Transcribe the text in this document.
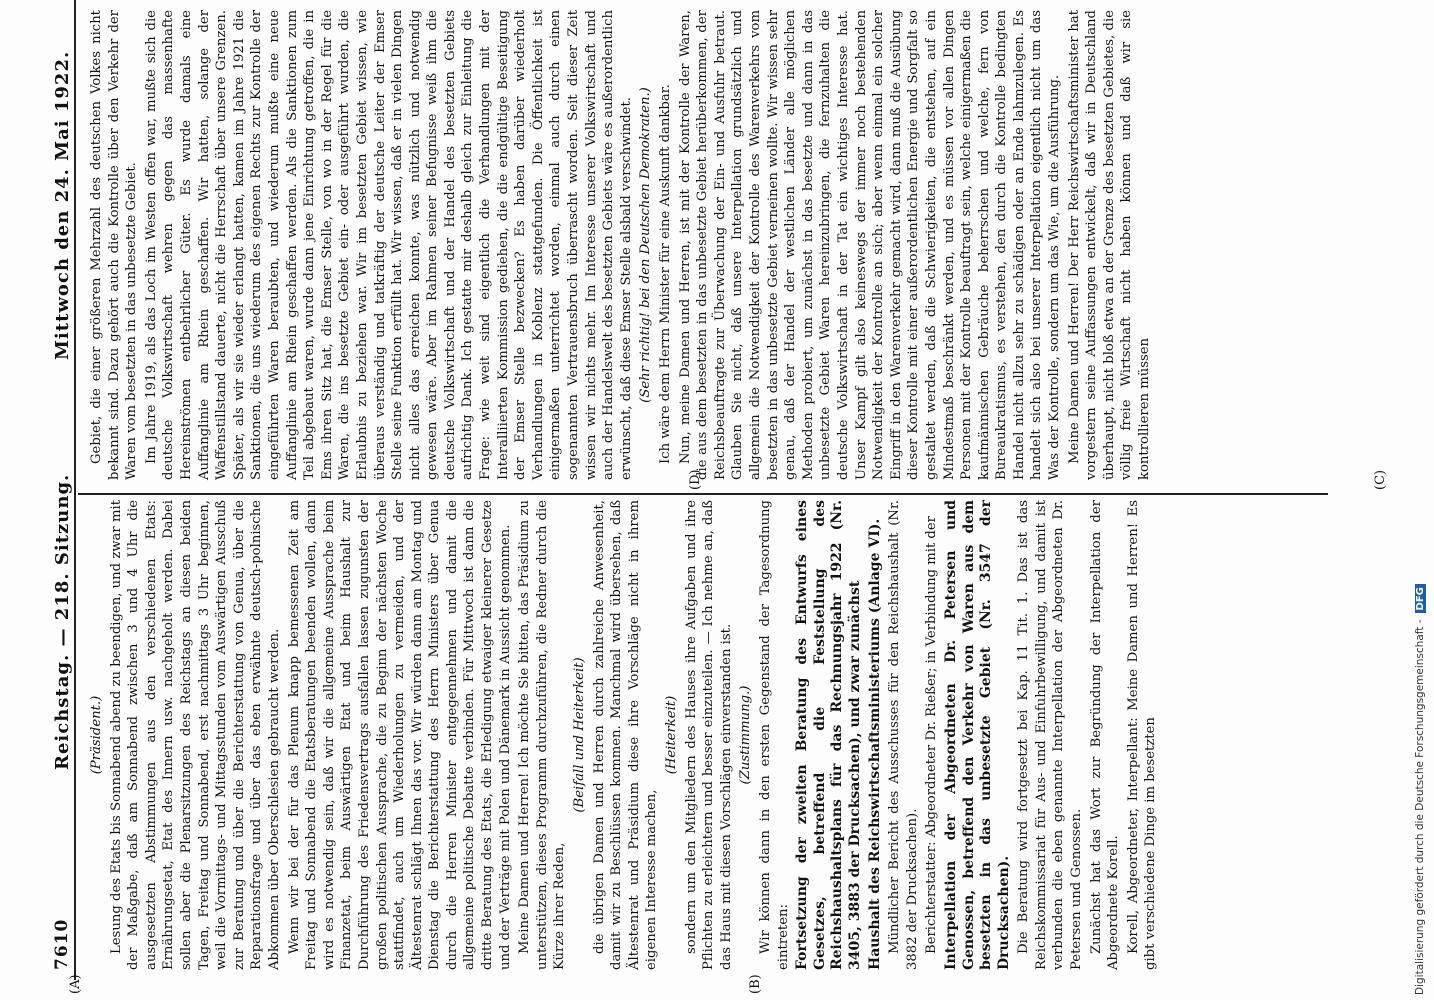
7610
Reichstag. — 218. Sitzung.
Mittwoch den 24. Mai 1922.
(A)	(B)
(C)
(D)

(Präsident.) Lesung des Etats bis Sonnabend abend zu beendigen, und zwar mit der Maßgabe, daß am Sonnabend zwischen 3 und 4 Uhr die ausgesetzten Abstimmungen aus den verschiedenen Etats: Ernährungsetat, Etat des Innern usw. nachgeholt werden. Dabei sollen aber die Plenarsitzungen des Reichstags an diesen beiden Tagen, Freitag und Sonnabend, erst nachmittags 3 Uhr beginnen, weil die Vormittags- und Mittagsstunden vom Auswärtigen Ausschuß zur Beratung und über die Berichterstattung von Genua, über die Reparationsfrage und über das eben erwähnte deutsch-polnische Abkommen über Oberschlesien gebraucht werden. Wenn wir bei der für das Plenum knapp bemessenen Zeit am Freitag und Sonnabend die Etatsberatungen beenden wollen, dann wird es notwendig sein, daß wir die allgemeine Aussprache beim Finanzetat, beim Auswärtigen Etat und beim Haushalt zur Durchführung des Friedensvertrags ausfallen lassen zugunsten der großen politischen Aussprache, die zu Beginn der nächsten Woche stattfindet, auch um Wiederholungen zu vermeiden, und der Ältestenrat schlägt Ihnen das vor. Wir würden dann am Montag und Dienstag die Berichterstattung des Herrn Ministers über Genua durch die Herren Minister entgegennehmen und damit die allgemeine politische Debatte verbinden. Für Mittwoch ist dann die dritte Beratung des Etats, die Erledigung etwaiger kleinerer Gesetze und der Verträge mit Polen und Dänemark in Aussicht genommen. Meine Damen und Herren! Ich möchte Sie bitten, das Präsidium zu unterstützen, dieses Programm durchzuführen, die Redner durch die Kürze ihrer Reden,

(Beifall und Heiterkeit) die übrigen Damen und Herren durch zahlreiche Anwesenheit, damit wir zu Beschlüssen kommen. Manchmal wird übersehen, daß Ältestenrat und Präsidium diese ihre Vorschläge nicht in ihrem eigenen Interesse machen,

(Heiterkeit) sondern um den Mitgliedern des Hauses ihre Aufgaben und ihre Pflichten zu erleichtern und besser einzuteilen. — Ich nehme an, daß das Haus mit diesen Vorschlägen einverstanden ist. (Zustimmung.) Wir können dann in den ersten Gegenstand der Tagesordnung eintreten: Fortsetzung der zweiten Beratung des Entwurfs eines Gesetzes, betreffend die Feststellung des Reichshaushaltsplans für das Rechnungsjahr 1922 (Nr. 3405, 3883 der Drucksachen), und zwar zunächst Haushalt des Reichswirtschaftsministeriums (Anlage VI). Mündlicher Bericht des Ausschusses für den Reichshaushalt (Nr. 3882 der Drucksachen). Berichterstatter: Abgeordneter Dr. Rießer; in Verbindung mit der Interpellation der Abgeordneten Dr. Petersen und Genossen, betreffend den Verkehr von Waren aus dem besetzten in das unbesetzte Gebiet (Nr. 3547 der Drucksachen). Die Beratung wird fortgesetzt bei Kap. 11 Tit. 1. Das ist das Reichskommissariat für Aus- und Einfuhrbewilligung, und damit ist verbunden die eben genannte Interpellation der Abgeordneten Dr. Petersen und Genossen. Zunächst hat das Wort zur Begründung der Interpellation der Abgeordnete Korell. Korell, Abgeordneter, Interpellant: Meine Damen und Herren! Es gibt verschiedene Dinge im besetzten

Gebiet, die einer größeren Mehrzahl des deutschen Volkes nicht bekannt sind. Dazu gehört auch die Kontrolle über den Verkehr der Waren vom besetzten in das unbesetzte Gebiet. Im Jahre 1919, als das Loch im Westen offen war, mußte sich die deutsche Volkswirtschaft wehren gegen das massenhafte Hereinströmen entbehrlicher Güter. Es wurde damals eine Auffanglinie am Rhein geschaffen. Wir hatten, solange der Waffenstillstand dauerte, nicht die Herrschaft über unsere Grenzen. Später, als wir sie wieder erlangt hatten, kamen im Jahre 1921 die Sanktionen, die uns wiederum des eigenen Rechts zur Kontrolle der eingeführten Waren beraubten, und wiederum mußte eine neue Auffanglinie am Rhein geschaffen werden. Als die Sanktionen zum Teil abgebaut waren, wurde dann jene Einrichtung getroffen, die in Ems ihren Sitz hat, die Emser Stelle, von wo in der Regel für die Waren, die ins besetzte Gebiet ein- oder ausgeführt wurden, die Erlaubnis zu beziehen war. Wir im besetzten Gebiet wissen, wie überaus verständig und tatkräftig der deutsche Leiter der Emser Stelle seine Funktion erfüllt hat. Wir wissen, daß er in vielen Dingen nicht alles das erreichen konnte, was nützlich und notwendig gewesen wäre. Aber im Rahmen seiner Befugnisse weiß ihm die deutsche Volkswirtschaft und der Handel des besetzten Gebiets aufrichtig Dank. Ich gestatte mir deshalb gleich zur Einleitung die Frage: wie weit sind eigentlich die Verhandlungen mit der Interalliierten Kommission gediehen, die die endgültige Beseitigung der Emser Stelle bezwecken? Es haben darüber wiederholt Verhandlungen in Koblenz stattgefunden. Die Öffentlichkeit ist einigermaßen unterrichtet worden, einmal auch durch einen sogenannten Vertrauensbruch überrascht worden. Seit dieser Zeit wissen wir nichts mehr. Im Interesse unserer Volkswirtschaft und auch der Handelswelt des besetzten Gebiets wäre es außerordentlich erwünscht, daß diese Emser Stelle alsbald verschwindet. (Sehr richtig! bei den Deutschen Demokraten.) Ich wäre dem Herrn Minister für eine Auskunft dankbar. Nun, meine Damen und Herren, ist mit der Kontrolle der Waren, die aus dem besetzten in das unbesetzte Gebiet herüberkommen, der Reichsbeauftragte zur Überwachung der Ein- und Ausfuhr betraut. Glauben Sie nicht, daß unsere Interpellation grundsätzlich und allgemein die Notwendigkeit der Kontrolle des Warenverkehrs vom besetzten in das unbesetzte Gebiet verneinen wollte. Wir wissen sehr genau, daß der Handel der westlichen Länder alle möglichen Methoden probiert, um zunächst in das besetzte und dann in das unbesetzte Gebiet Waren hereinzubringen, die fernzuhalten die deutsche Volkswirtschaft in der Tat ein wichtiges Interesse hat. Unser Kampf gilt also keineswegs der immer noch bestehenden Notwendigkeit der Kontrolle an sich; aber wenn einmal ein solcher Eingriff in den Warenverkehr gemacht wird, dann muß die Ausübung dieser Kontrolle mit einer außerordentlichen Energie und Sorgfalt so gestaltet werden, daß die Schwierigkeiten, die entstehen, auf ein Mindestmaß beschränkt werden, und es müssen vor allen Dingen Personen mit der Kontrolle beauftragt sein, welche einigermaßen die kaufmännischen Gebräuche beherrschen und welche, fern von Bureaukratismus, es verstehen, den durch die Kontrolle bedingten Handel nicht allzu sehr zu schädigen oder an Ende lahmzulegen. Es handelt sich also bei unserer Interpellation eigentlich nicht um das Was der Kontrolle, sondern um das Wie, um die Ausführung. Meine Damen und Herren! Der Herr Reichswirtschaftsminister hat vorgestern seine Auffassungen entwickelt, daß wir in Deutschland überhaupt, nicht bloß etwa an der Grenze des besetzten Gebietes, die völlig freie Wirtschaft nicht haben können und daß wir sie kontrollieren müssen

Digitalisierung gefördert durch die Deutsche Forschungsgemeinschaft -DFG
